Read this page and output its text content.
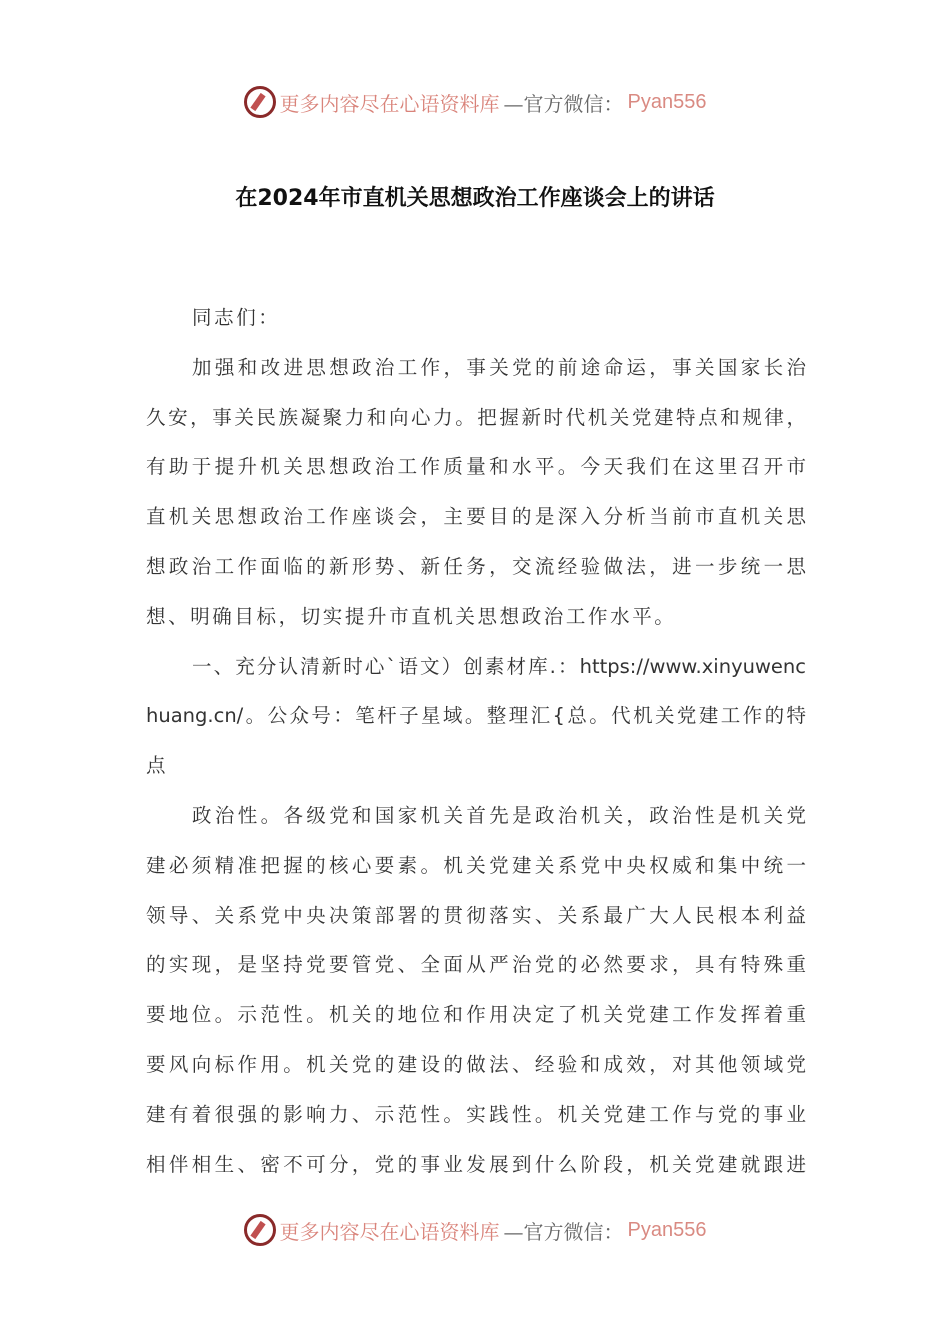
更多内容尽在心语资料库 —官方微信： Pyan556
在2024年市直机关思想政治工作座谈会上的讲话
同志们：
加强和改进思想政治工作，事关党的前途命运，事关国家长治
久安，事关民族凝聚力和向心力。把握新时代机关党建特点和规律，
有助于提升机关思想政治工作质量和水平。今天我们在这里召开市
直机关思想政治工作座谈会，主要目的是深入分析当前市直机关思
想政治工作面临的新形势、新任务，交流经验做法，进一步统一思
想、明确目标，切实提升市直机关思想政治工作水平。
一、充分认清新时心`语文）创素材库.：https://www.xinyuwenc
huang.cn/。公众号：笔杆子星域。整理汇{总。代机关党建工作的特
点
政治性。各级党和国家机关首先是政治机关，政治性是机关党
建必须精准把握的核心要素。机关党建关系党中央权威和集中统一
领导、关系党中央决策部署的贯彻落实、关系最广大人民根本利益
的实现，是坚持党要管党、全面从严治党的必然要求，具有特殊重
要地位。示范性。机关的地位和作用决定了机关党建工作发挥着重
要风向标作用。机关党的建设的做法、经验和成效，对其他领域党
建有着很强的影响力、示范性。实践性。机关党建工作与党的事业
相伴相生、密不可分，党的事业发展到什么阶段，机关党建就跟进
更多内容尽在心语资料库 —官方微信： Pyan556
